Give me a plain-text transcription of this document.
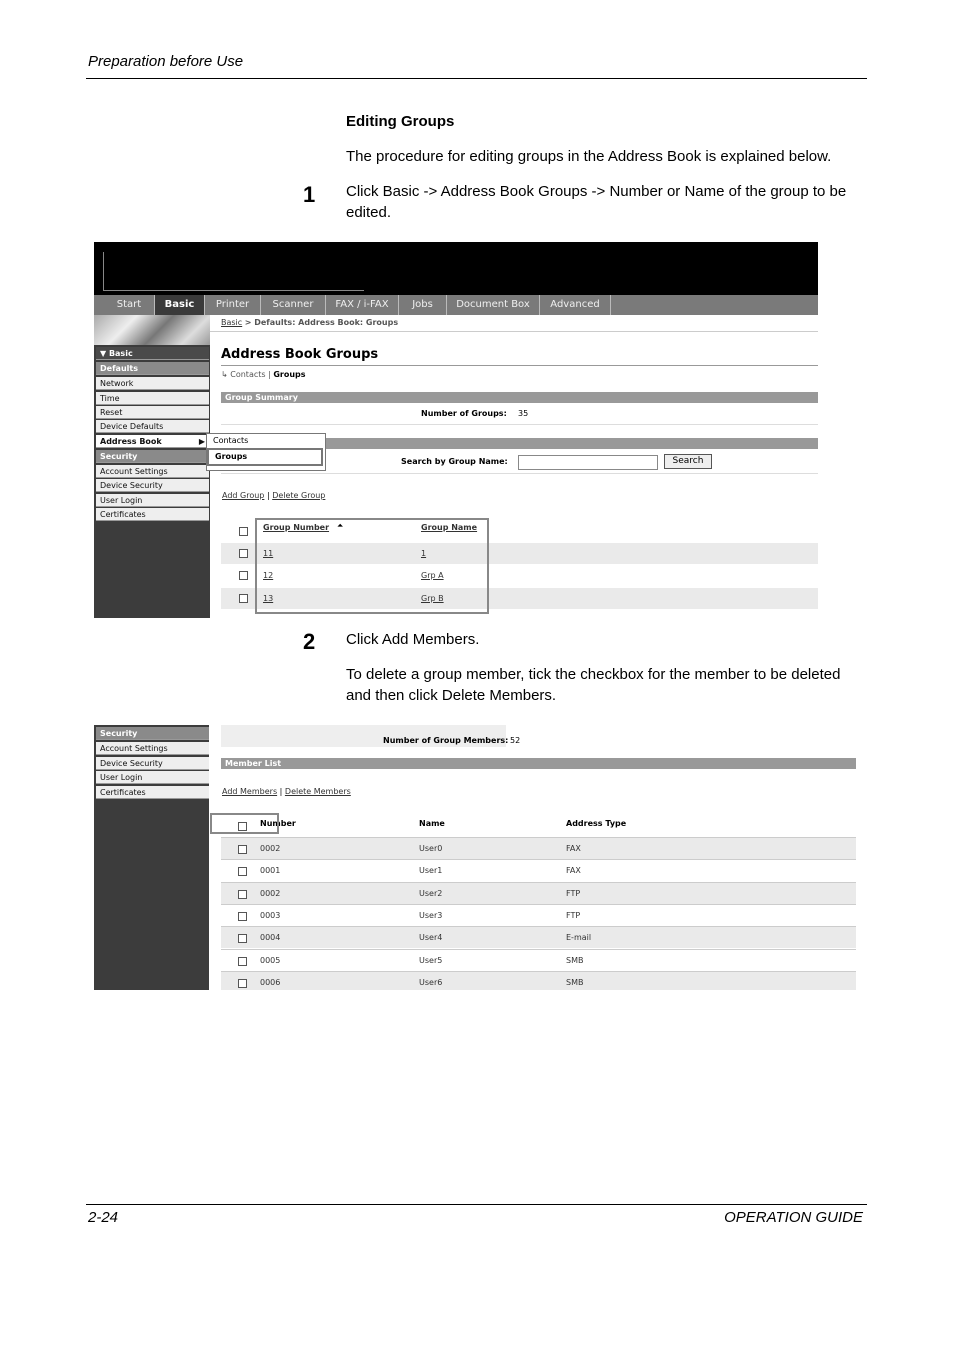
Preparation before Use
Editing Groups
The procedure for editing groups in the Address Book is explained below.
1 Click Basic -> Address Book Groups -> Number or Name of the group to be edited.
Start	Basic	Printer	Scanner	FAX / i-FAX	Jobs	Document Box	Advanced
▼ Basic
Defaults
Network
Time
Reset
Device Defaults
Address Book	▶
Security
Account Settings
Device Security
User Login
Certificates
Basic > Defaults: Address Book: Groups
Address Book Groups
↳ Contacts | Groups
Group Summary
Number of Groups: 35
Search by Group Name:	Search
Add Group | Delete Group
Group Number ⏶	Group Name
11	1
12	Grp A
13	Grp B
Contacts
Groups
2 Click Add Members.
To delete a group member, tick the checkbox for the member to be deleted and then click Delete Members.
Security
Account Settings
Device Security
User Login
Certificates
Number of Group Members: 52
Member List
Add Members | Delete Members
Number	Name	Address Type
0002	User0	FAX
0001	User1	FAX
0002	User2	FTP
0003	User3	FTP
0004	User4	E-mail
0005	User5	SMB
0006	User6	SMB
2-24	OPERATION GUIDE
